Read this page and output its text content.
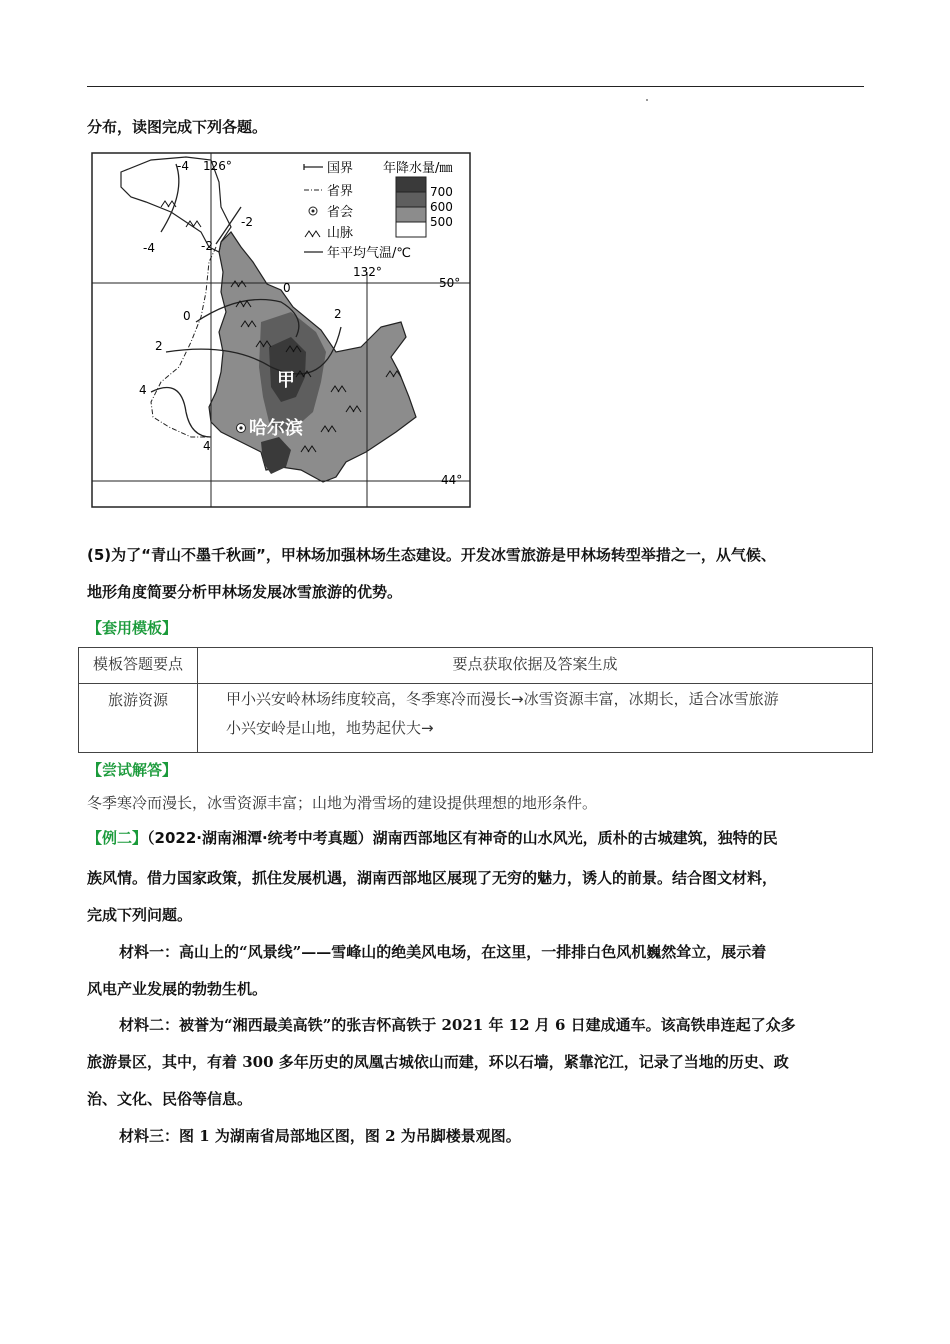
分布，读图完成下列各题。
国界 年降水量/㎜
省界
省会
山脉
年平均气温/℃
700
600
500
126°
132°
50°
44°
-4
-4
-2
-2
0
0	2
2
4
4
甲
哈尔滨
(5)为了“青山不墨千秋画”，甲林场加强林场生态建设。开发冰雪旅游是甲林场转型举措之一，从气候、
地形角度简要分析甲林场发展冰雪旅游的优势。
【套用模板】
模板答题要点	要点获取依据及答案生成
旅游资源	甲小兴安岭林场纬度较高，冬季寒冷而漫长→冰雪资源丰富，冰期长，适合冰雪旅游
小兴安岭是山地，地势起伏大→
【尝试解答】
冬季寒冷而漫长，冰雪资源丰富；山地为滑雪场的建设提供理想的地形条件。
【例二】（2022·湖南湘潭·统考中考真题）湖南西部地区有神奇的山水风光，质朴的古城建筑，独特的民
族风情。借力国家政策，抓住发展机遇，湖南西部地区展现了无穷的魅力，诱人的前景。结合图文材料，
完成下列问题。
材料一：高山上的“风景线”——雪峰山的绝美风电场，在这里，一排排白色风机巍然耸立，展示着
风电产业发展的勃勃生机。
材料二：被誉为“湘西最美高铁”的张吉怀高铁于 2021 年 12 月 6 日建成通车。该高铁串连起了众多
旅游景区，其中，有着 300 多年历史的凤凰古城依山而建，环以石墙，紧靠沱江，记录了当地的历史、政
治、文化、民俗等信息。
材料三：图 1 为湖南省局部地区图，图 2 为吊脚楼景观图。
